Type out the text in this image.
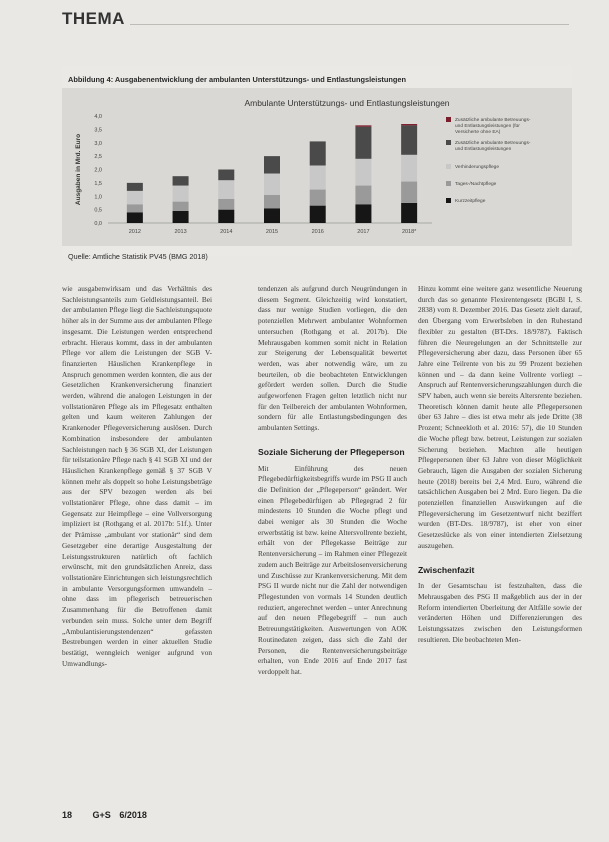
THEMA
Abbildung 4: Ausgabenentwicklung der ambulanten Unterstützungs- und Entlastungsleistungen
Ambulante Unterstützungs- und Entlastungsleistungen
Ausgaben in Mrd. Euro
0,0
0,5
1,0
1,5
2,0
2,5
3,0
3,5
4,0
2012	2013	2014	2015	2016	2017	2018*
Zusätzliche ambulante Betreuungs-und Entlastungsleistungen (für Versicherte ohne EA)
Zusätzliche ambulante Betreuungs-und Entlastungsleistungen
Verhinderungspflege
Tages-/Nachtpflege
Kurzzeitpflege
Quelle: Amtliche Statistik PV45 (BMG 2018)

wie ausgabenwirksam und das Verhältnis des Sachleistungsanteils zum Geldleistungsanteil. Bei der ambulanten Pflege liegt die Sachleistungsquote höher als in der Summe aus der ambulanten Pflege insgesamt. Die Leistungen werden entsprechend erbracht. Hieraus kommt, dass in der ambulanten Pflege vor allem die Leistungen der SGB V-finanzierten Häuslichen Krankenpflege in Anspruch genommen werden konnten, die aus der Gesetzlichen Krankenversicherung finanziert werden, während die analogen Leistungen in der vollstationären Pflege als im Pflegesatz enthalten gelten und kaum weiteren Zahlungen der Krankenoder Pflegeversicherung auslösen. Durch Kombination insbesondere der ambulanten Sachleistungen nach § 36 SGB XI, der Leistungen für teilstationäre Pflege nach § 41 SGB XI und der Häuslichen Krankenpflege gemäß § 37 SGB V können mehr als doppelt so hohe Leistungsbeträge aus der SPV bezogen werden als bei vollstationärer Pflege, ohne dass damit – im Gegensatz zur Heimpflege – eine Vollversorgung impliziert ist (Rothgang et al. 2017b: 51f.). Unter der Prämisse „ambulant vor stationär“ sind dem Gesetzgeber eine derartige Ausgestaltung der Leistungsstrukturen natürlich oft fachlich erwünscht, mit den grundsätzlichen Anreiz, dass vollstationäre Einrichtungen sich leistungsrechtlich in ambulante Versorgungsformen umwandeln – ohne dass im pflegerisch betreuerischen Zusammenhang für die Betroffenen damit verbunden sein muss. Solche unter dem Begriff „Ambulantisierungstendenzen“ gefassten Bestrebungen werden in einer aktuellen Studie bestätigt, wenngleich weniger aufgrund von Umwandlungs-

tendenzen als aufgrund durch Neugründungen in diesem Segment. Gleichzeitig wird konstatiert, dass nur wenige Studien vorliegen, die den potenziellen Mehrwert ambulanter Wohnformen untersuchen (Rothgang et al. 2017b). Die Mehrausgaben kommen somit nicht in Relation zur Steigerung der Lebensqualität bewertet werden, was aber notwendig wäre, um zu beurteilen, ob die beobachteten Entwicklungen gefördert werden sollen. Durch die Studie aufgeworfenen Fragen gelten letztlich nicht nur für den Teilbereich der ambulanten Wohnformen, sondern für alle Entlastungsbedingungen des ambulanten Settings.

Soziale Sicherung der Pflegeperson

Mit Einführung des neuen Pflegebedürftigkeitsbegriffs wurde im PSG II auch die Definition der „Pflegeperson“ geändert. Wer einen Pflegebedürftigen ab Pflegegrad 2 für mindestens 10 Stunden die Woche pflegt und dabei weniger als 30 Stunden die Woche erwerbstätig ist bzw. keine Altersvollrente bezieht, erhält von der Pflegekasse Beiträge zur Rentenversicherung – im Rahmen einer Pflegezeit zudem auch Beiträge zur Arbeitslosenversicherung und Zuschüsse zur Krankenversicherung. Mit dem PSG II wurde nicht nur die Zahl der notwendigen Pflegestunden von vormals 14 Stunden deutlich reduziert, angerechnet werden – unter Anrechnung auf den neuen Pflegebegriff – nun auch Betreuungstätigkeiten. Auswertungen von AOK Routinedaten zeigen, dass sich die Zahl der Personen, die Rentenversicherungsbeiträge erhalten, von Ende 2016 auf Ende 2017 fast verdoppelt hat.

Hinzu kommt eine weitere ganz wesentliche Neuerung durch das so genannte Flexirentengesetz (BGBl I, S. 2838) vom 8. Dezember 2016. Das Gesetz zielt darauf, den Übergang vom Erwerbsleben in den Ruhestand flexibler zu gestalten (BT-Drs. 18/9787). Faktisch führen die Neuregelungen an der Schnittstelle zur Pflegeversicherung aber dazu, dass Personen über 65 Jahre eine Teilrente von bis zu 99 Prozent beziehen können und – da dann keine Vollrente vorliegt – Anspruch auf Rentenversicherungszahlungen durch die SPV haben, auch wenn sie bereits Altersrente beziehen. Theoretisch können damit heute alle Pflegepersonen über 63 Jahre – dies ist etwa mehr als jede Dritte (38 Prozent; Schneekloth et al. 2016: 57), die 10 Stunden die Woche pflegt bzw. betreut, Leistungen zur sozialen Sicherung beziehen. Machten alle heutigen Pflegepersonen über 63 Jahre von dieser Möglichkeit Gebrauch, lägen die Ausgaben der sozialen Sicherung heute (2018) bereits bei 2,4 Mrd. Euro, während die tatsächlichen Ausgaben bei 2 Mrd. Euro liegen. Da die potenziellen finanziellen Auswirkungen auf die Pflegeversicherung im Gesetzentwurf nicht beziffert wurden (BT-Drs. 18/9787), ist eher von einer Gesetzeslücke als von einer intendierten Zielsetzung auszugehen.

Zwischenfazit

In der Gesamtschau ist festzuhalten, dass die Mehrausgaben des PSG II maßgeblich aus der in der Reform intendierten Überleitung der Altfälle sowie der veränderten Höhen und Differenzierungen des Leistungssatzes zwischen den Leistungsformen resultieren. Die beobachteten Men-

18 G+S 6/2018
